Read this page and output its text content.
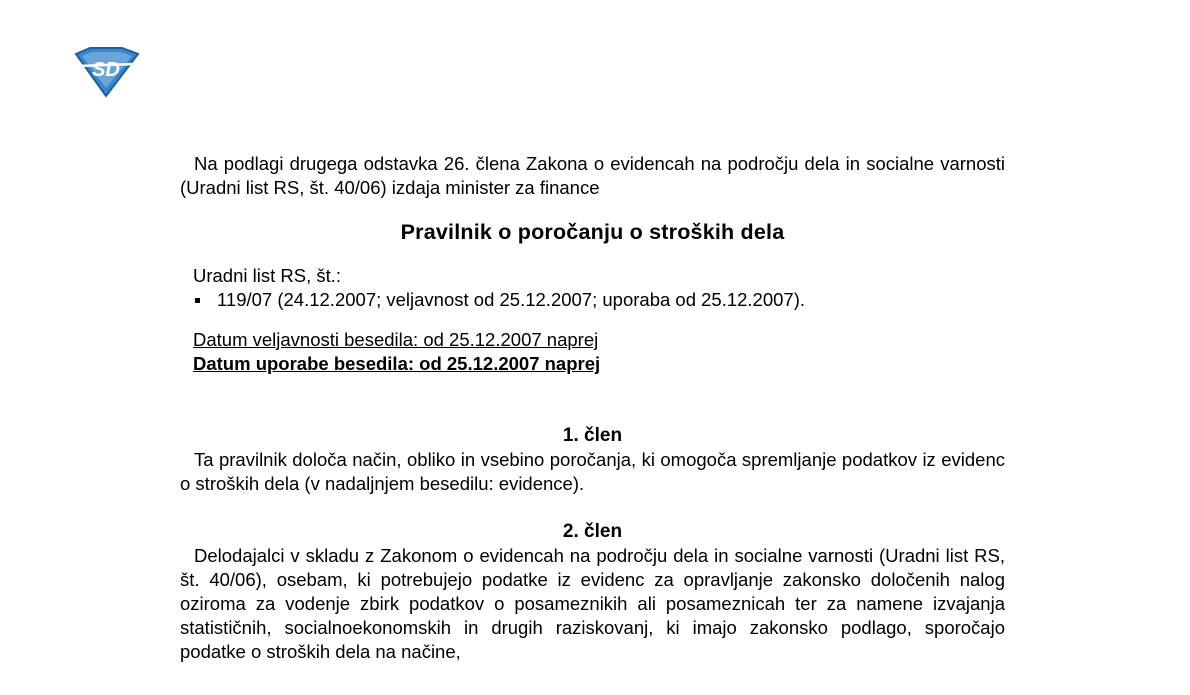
SD

Na podlagi drugega odstavka 26. člena Zakona o evidencah na področju dela in socialne varnosti (Uradni list RS, št. 40/06) izdaja minister za finance

Pravilnik o poročanju o stroških dela

Uradni list RS, št.:

119/07 (24.12.2007; veljavnost od 25.12.2007; uporaba od 25.12.2007).
Datum veljavnosti besedila: od 25.12.2007 naprej
Datum uporabe besedila: od 25.12.2007 naprej
1. člen

Ta pravilnik določa način, obliko in vsebino poročanja, ki omogoča spremljanje podatkov iz evidenc o stroških dela (v nadaljnjem besedilu: evidence).

2. člen

Delodajalci v skladu z Zakonom o evidencah na področju dela in socialne varnosti (Uradni list RS, št. 40/06), osebam, ki potrebujejo podatke iz evidenc za opravljanje zakonsko določenih nalog oziroma za vodenje zbirk podatkov o posameznikih ali posameznicah ter za namene izvajanja statističnih, socialnoekonomskih in drugih raziskovanj, ki imajo zakonsko podlago, sporočajo podatke o stroških dela na načine,
